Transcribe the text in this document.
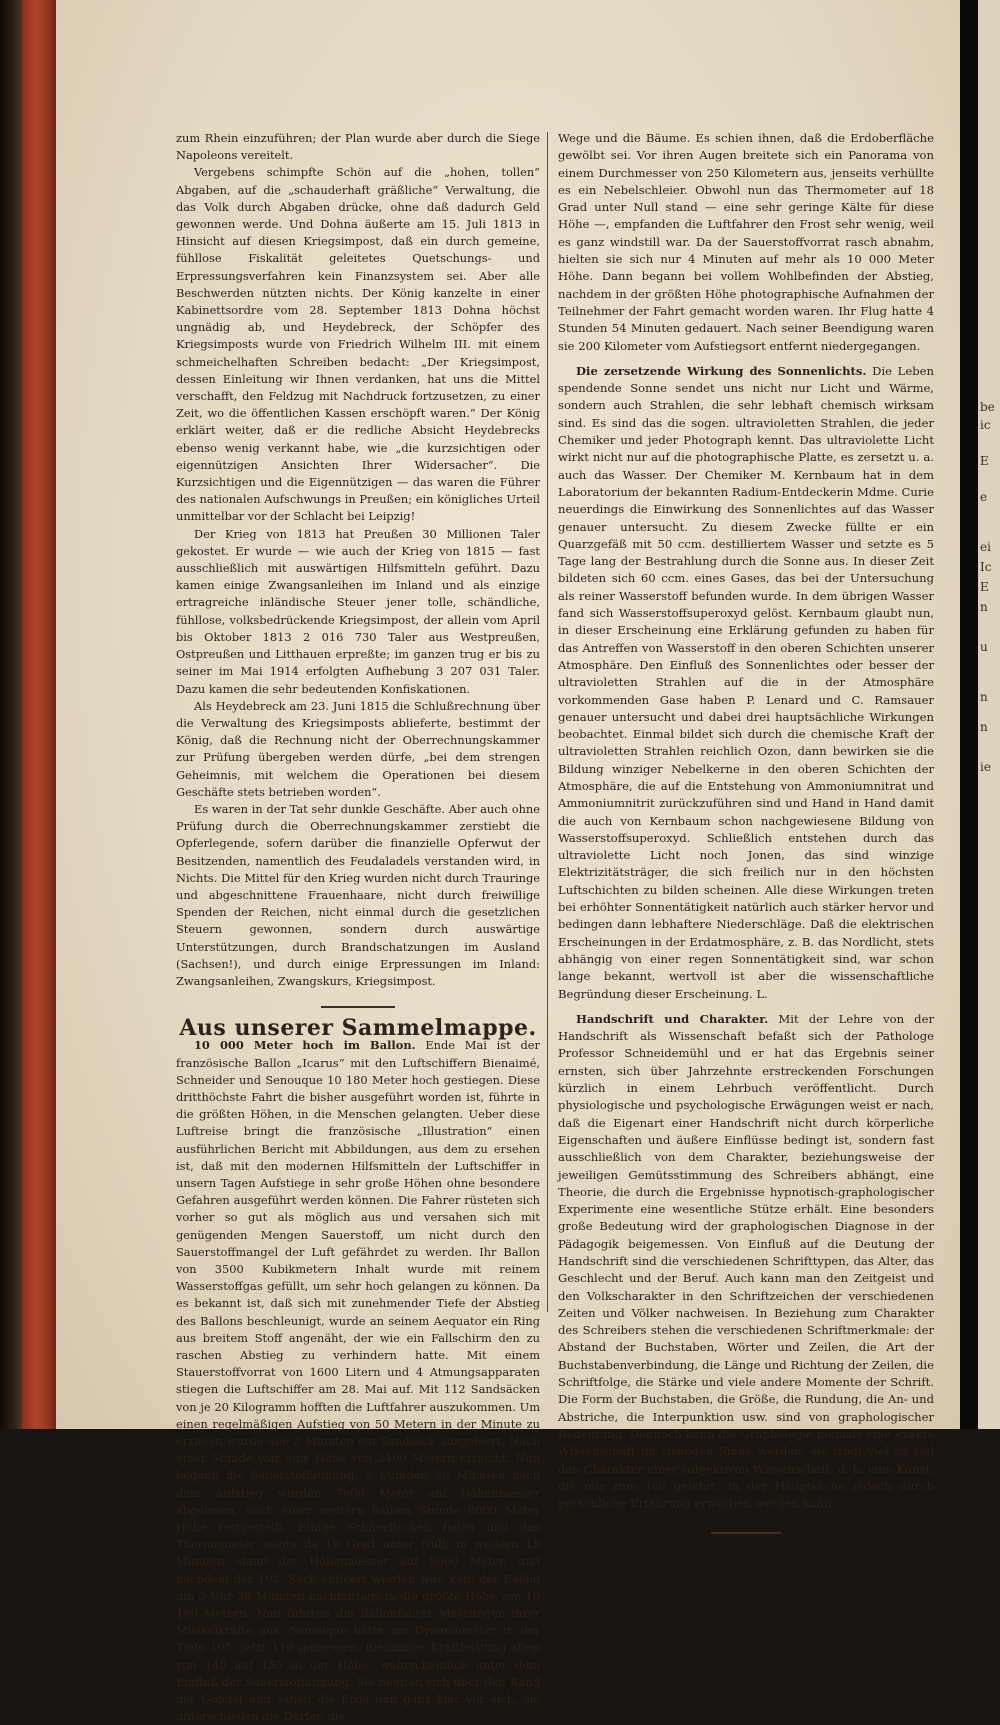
zum Rhein einzuführen; der Plan wurde aber durch die Siege Napoleons vereitelt.

Vergebens schimpfte Schön auf die „hohen, tollen“ Abgaben, auf die „schauderhaft gräßliche“ Verwaltung, die das Volk durch Abgaben drücke, ohne daß dadurch Geld gewonnen werde. Und Dohna äußerte am 15. Juli 1813 in Hinsicht auf diesen Kriegsimpost, daß ein durch gemeine, fühllose Fiskalität geleitetes Quetschungs- und Erpressungsverfahren kein Finanzsystem sei. Aber alle Beschwerden nützten nichts. Der König kanzelte in einer Kabinettsordre vom 28. September 1813 Dohna höchst ungnädig ab, und Heydebreck, der Schöpfer des Kriegsimposts wurde von Friedrich Wilhelm III. mit einem schmeichelhaften Schreiben bedacht: „Der Kriegsimpost, dessen Einleitung wir Ihnen verdanken, hat uns die Mittel verschafft, den Feldzug mit Nachdruck fortzusetzen, zu einer Zeit, wo die öffentlichen Kassen erschöpft waren.“ Der König erklärt weiter, daß er die redliche Absicht Heydebrecks ebenso wenig verkannt habe, wie „die kurzsichtigen oder eigennützigen Ansichten Ihrer Widersacher“. Die Kurzsichtigen und die Eigennützigen — das waren die Führer des nationalen Aufschwungs in Preußen; ein königliches Urteil unmittelbar vor der Schlacht bei Leipzig!

Der Krieg von 1813 hat Preußen 30 Millionen Taler gekostet. Er wurde — wie auch der Krieg von 1815 — fast ausschließlich mit auswärtigen Hilfsmitteln geführt. Dazu kamen einige Zwangsanleihen im Inland und als einzige ertragreiche inländische Steuer jener tolle, schändliche, fühllose, volksbedrückende Kriegsimpost, der allein vom April bis Oktober 1813 2 016 730 Taler aus Westpreußen, Ostpreußen und Litthauen erpreßte; im ganzen trug er bis zu seiner im Mai 1914 erfolgten Aufhebung 3 207 031 Taler. Dazu kamen die sehr bedeutenden Konfiskationen.

Als Heydebreck am 23. Juni 1815 die Schlußrechnung über die Verwaltung des Kriegsimposts ablieferte, bestimmt der König, daß die Rechnung nicht der Oberrechnungskammer zur Prüfung übergeben werden dürfe, „bei dem strengen Geheimnis, mit welchem die Operationen bei diesem Geschäfte stets betrieben worden“.

Es waren in der Tat sehr dunkle Geschäfte. Aber auch ohne Prüfung durch die Oberrechnungskammer zerstiebt die Opferlegende, sofern darüber die finanzielle Opferwut der Besitzenden, namentlich des Feudaladels verstanden wird, in Nichts. Die Mittel für den Krieg wurden nicht durch Trauringe und abgeschnittene Frauenhaare, nicht durch freiwillige Spenden der Reichen, nicht einmal durch die gesetzlichen Steuern gewonnen, sondern durch auswärtige Unterstützungen, durch Brandschatzungen im Ausland (Sachsen!), und durch einige Erpressungen im Inland: Zwangsanleihen, Zwangskurs, Kriegsimpost.

Aus unserer Sammelmappe.

10 000 Meter hoch im Ballon. Ende Mai ist der französische Ballon „Icarus“ mit den Luftschiffern Bienaimé, Schneider und Senouque 10 180 Meter hoch gestiegen. Diese dritthöchste Fahrt die bisher ausgeführt worden ist, führte in die größten Höhen, in die Menschen gelangten. Ueber diese Luftreise bringt die französische „Illustration“ einen ausführlichen Bericht mit Abbildungen, aus dem zu ersehen ist, daß mit den modernen Hilfsmitteln der Luftschiffer in unsern Tagen Aufstiege in sehr große Höhen ohne besondere Gefahren ausgeführt werden können. Die Fahrer rüsteten sich vorher so gut als möglich aus und versahen sich mit genügenden Mengen Sauerstoff, um nicht durch den Sauerstoffmangel der Luft gefährdet zu werden. Ihr Ballon von 3500 Kubikmetern Inhalt wurde mit reinem Wasserstoffgas gefüllt, um sehr hoch gelangen zu können. Da es bekannt ist, daß sich mit zunehmender Tiefe der Abstieg des Ballons beschleunigt, wurde an seinem Aequator ein Ring aus breitem Stoff angenäht, der wie ein Fallschirm den zu raschen Abstieg zu verhindern hatte. Mit einem Stauerstoffvorrat von 1600 Litern und 4 Atmungsapparaten stiegen die Luftschiffer am 28. Mai auf. Mit 112 Sandsäcken von je 20 Kilogramm hofften die Luftfahrer auszukommen. Um einen regelmäßigen Aufstieg von 50 Metern in der Minute zu erzielen wurde alle 2 Minuten ein Sandsack ausgeleert. Nach einer Stunde war eine Höhe von 3400 Metern erreicht. Nun begann die Sauerstoffatmung, 2 Stunden 20 Minuten nach dem Aufstieg wurden 7000 Meter am Höhenmesser abgelesen, nach einer weitern halben Stunde 8000 Meter Höhe festgestellt. Einige Schneeflocken fielen und das Thermometer zeigte da 10 Grad unter Null; in weitern 15 Minuten stand der Höhenmesser auf 9000 Meter, und nachdem der 102. Sack entleert worden war, kam der Ballon um 3 Uhr 36 Minuten nachmittags in die größte Höhe von 10 180 Metern. Nun führten die Ballonfahrer Messungen ihrer Muskelkräfte aus. Senouque hatte am Dynamometer in der Tiefe 105, jetzt 110 gemessen. Bienaimés Kraftleistung stieg von 140 auf 155 in der Höhe, wahrscheinlich unter dem Einfluß der Sauerstoffatmung. Sie neigten sich über den Rand der Gondel und sahen die Erde nun ganz klar vor sich, sie unterschieden die Dörfer, die

Wege und die Bäume. Es schien ihnen, daß die Erdoberfläche gewölbt sei. Vor ihren Augen breitete sich ein Panorama von einem Durchmesser von 250 Kilometern aus, jenseits verhüllte es ein Nebelschleier. Obwohl nun das Thermometer auf 18 Grad unter Null stand — eine sehr geringe Kälte für diese Höhe —, empfanden die Luftfahrer den Frost sehr wenig, weil es ganz windstill war. Da der Sauerstoffvorrat rasch abnahm, hielten sie sich nur 4 Minuten auf mehr als 10 000 Meter Höhe. Dann begann bei vollem Wohlbefinden der Abstieg, nachdem in der größten Höhe photographische Aufnahmen der Teilnehmer der Fahrt gemacht worden waren. Ihr Flug hatte 4 Stunden 54 Minuten gedauert. Nach seiner Beendigung waren sie 200 Kilometer vom Aufstiegsort entfernt niedergegangen.

Die zersetzende Wirkung des Sonnenlichts. Die Leben spendende Sonne sendet uns nicht nur Licht und Wärme, sondern auch Strahlen, die sehr lebhaft chemisch wirksam sind. Es sind das die sogen. ultravioletten Strahlen, die jeder Chemiker und jeder Photograph kennt. Das ultraviolette Licht wirkt nicht nur auf die photographische Platte, es zersetzt u. a. auch das Wasser. Der Chemiker M. Kernbaum hat in dem Laboratorium der bekannten Radium-Entdeckerin Mdme. Curie neuerdings die Einwirkung des Sonnenlichtes auf das Wasser genauer untersucht. Zu diesem Zwecke füllte er ein Quarzgefäß mit 50 ccm. destilliertem Wasser und setzte es 5 Tage lang der Bestrahlung durch die Sonne aus. In dieser Zeit bildeten sich 60 ccm. eines Gases, das bei der Untersuchung als reiner Wasserstoff befunden wurde. In dem übrigen Wasser fand sich Wasserstoffsuperoxyd gelöst. Kernbaum glaubt nun, in dieser Erscheinung eine Erklärung gefunden zu haben für das Antreffen von Wasserstoff in den oberen Schichten unserer Atmosphäre. Den Einfluß des Sonnenlichtes oder besser der ultravioletten Strahlen auf die in der Atmosphäre vorkommenden Gase haben P. Lenard und C. Ramsauer genauer untersucht und dabei drei hauptsächliche Wirkungen beobachtet. Einmal bildet sich durch die chemische Kraft der ultravioletten Strahlen reichlich Ozon, dann bewirken sie die Bildung winziger Nebelkerne in den oberen Schichten der Atmosphäre, die auf die Entstehung von Ammoniumnitrat und Ammoniumnitrit zurückzuführen sind und Hand in Hand damit die auch von Kernbaum schon nachgewiesene Bildung von Wasserstoffsuperoxyd. Schließlich entstehen durch das ultraviolette Licht noch Jonen, das sind winzige Elektrizitätsträger, die sich freilich nur in den höchsten Luftschichten zu bilden scheinen. Alle diese Wirkungen treten bei erhöhter Sonnentätigkeit natürlich auch stärker hervor und bedingen dann lebhaftere Niederschläge. Daß die elektrischen Erscheinungen in der Erdatmosphäre, z. B. das Nordlicht, stets abhängig von einer regen Sonnentätigkeit sind, war schon lange bekannt, wertvoll ist aber die wissenschaftliche Begründung dieser Erscheinung. L.

Handschrift und Charakter. Mit der Lehre von der Handschrift als Wissenschaft befaßt sich der Pathologe Professor Schneidemühl und er hat das Ergebnis seiner ernsten, sich über Jahrzehnte erstreckenden Forschungen kürzlich in einem Lehrbuch veröffentlicht. Durch physiologische und psychologische Erwägungen weist er nach, daß die Eigenart einer Handschrift nicht durch körperliche Eigenschaften und äußere Einflüsse bedingt ist, sondern fast ausschließlich von dem Charakter, beziehungsweise der jeweiligen Gemütsstimmung des Schreibers abhängt, eine Theorie, die durch die Ergebnisse hypnotisch-graphologischer Experimente eine wesentliche Stütze erhält. Eine besonders große Bedeutung wird der graphologischen Diagnose in der Pädagogik beigemessen. Von Einfluß auf die Deutung der Handschrift sind die verschiedenen Schrifttypen, das Alter, das Geschlecht und der Beruf. Auch kann man den Zeitgeist und den Volkscharakter in den Schriftzeichen der verschiedenen Zeiten und Völker nachweisen. In Beziehung zum Charakter des Schreibers stehen die verschiedenen Schriftmerkmale: der Abstand der Buchstaben, Wörter und Zeilen, die Art der Buchstabenverbindung, die Länge und Richtung der Zeilen, die Schriftfolge, die Stärke und viele andere Momente der Schrift. Die Form der Buchstaben, die Größe, die Rundung, die An- und Abstriche, die Interpunktion usw. sind von graphologischer Bedeutung. Dennoch kann die Graphologie niemals eine exakte Wissenschaft im strengen Sinne werden; sie trägt viel zu viel den Charakter einer subjektiven Wissenschaft, d. h. eine Kunst, die nur zum Teil gelehrt, in der Hauptsache jedoch durch persönliche Erfahrung erworben werden kann.

be
ic
E
e
ei
Ic
E
n
u
n
n
ie
